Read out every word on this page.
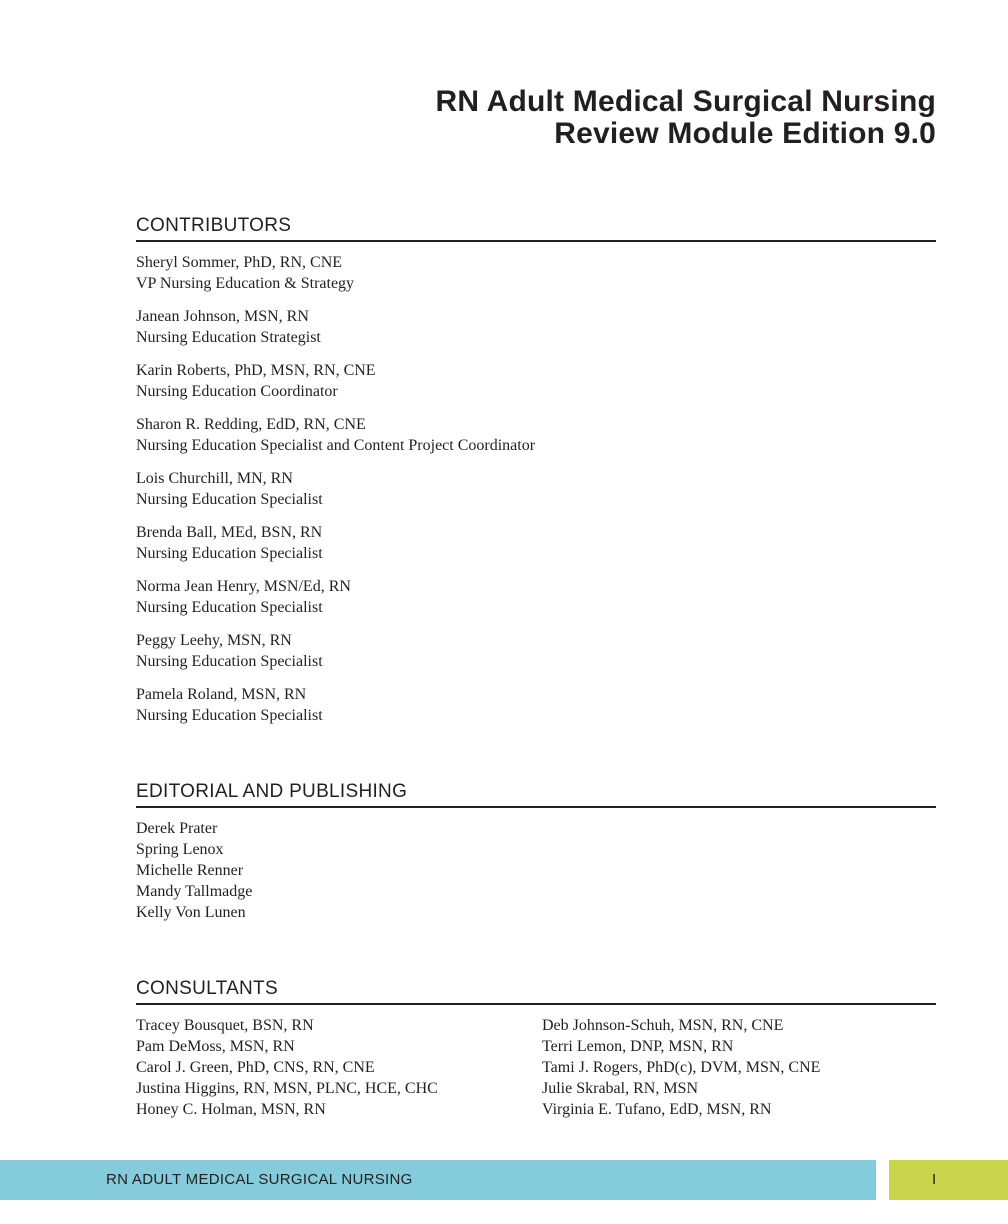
RN Adult Medical Surgical Nursing
Review Module Edition 9.0
CONTRIBUTORS
Sheryl Sommer, PhD, RN, CNE
VP Nursing Education & Strategy
Janean Johnson, MSN, RN
Nursing Education Strategist
Karin Roberts, PhD, MSN, RN, CNE
Nursing Education Coordinator
Sharon R. Redding, EdD, RN, CNE
Nursing Education Specialist and Content Project Coordinator
Lois Churchill, MN, RN
Nursing Education Specialist
Brenda Ball, MEd, BSN, RN
Nursing Education Specialist
Norma Jean Henry, MSN/Ed, RN
Nursing Education Specialist
Peggy Leehy, MSN, RN
Nursing Education Specialist
Pamela Roland, MSN, RN
Nursing Education Specialist
EDITORIAL AND PUBLISHING
Derek Prater
Spring Lenox
Michelle Renner
Mandy Tallmadge
Kelly Von Lunen
CONSULTANTS
Tracey Bousquet, BSN, RN
Pam DeMoss, MSN, RN
Carol J. Green, PhD, CNS, RN, CNE
Justina Higgins, RN, MSN, PLNC, HCE, CHC
Honey C. Holman, MSN, RN
Deb Johnson-Schuh, MSN, RN, CNE
Terri Lemon, DNP, MSN, RN
Tami J. Rogers, PhD(c), DVM, MSN, CNE
Julie Skrabal, RN, MSN
Virginia E. Tufano, EdD, MSN, RN
RN ADULT MEDICAL SURGICAL NURSING	I
